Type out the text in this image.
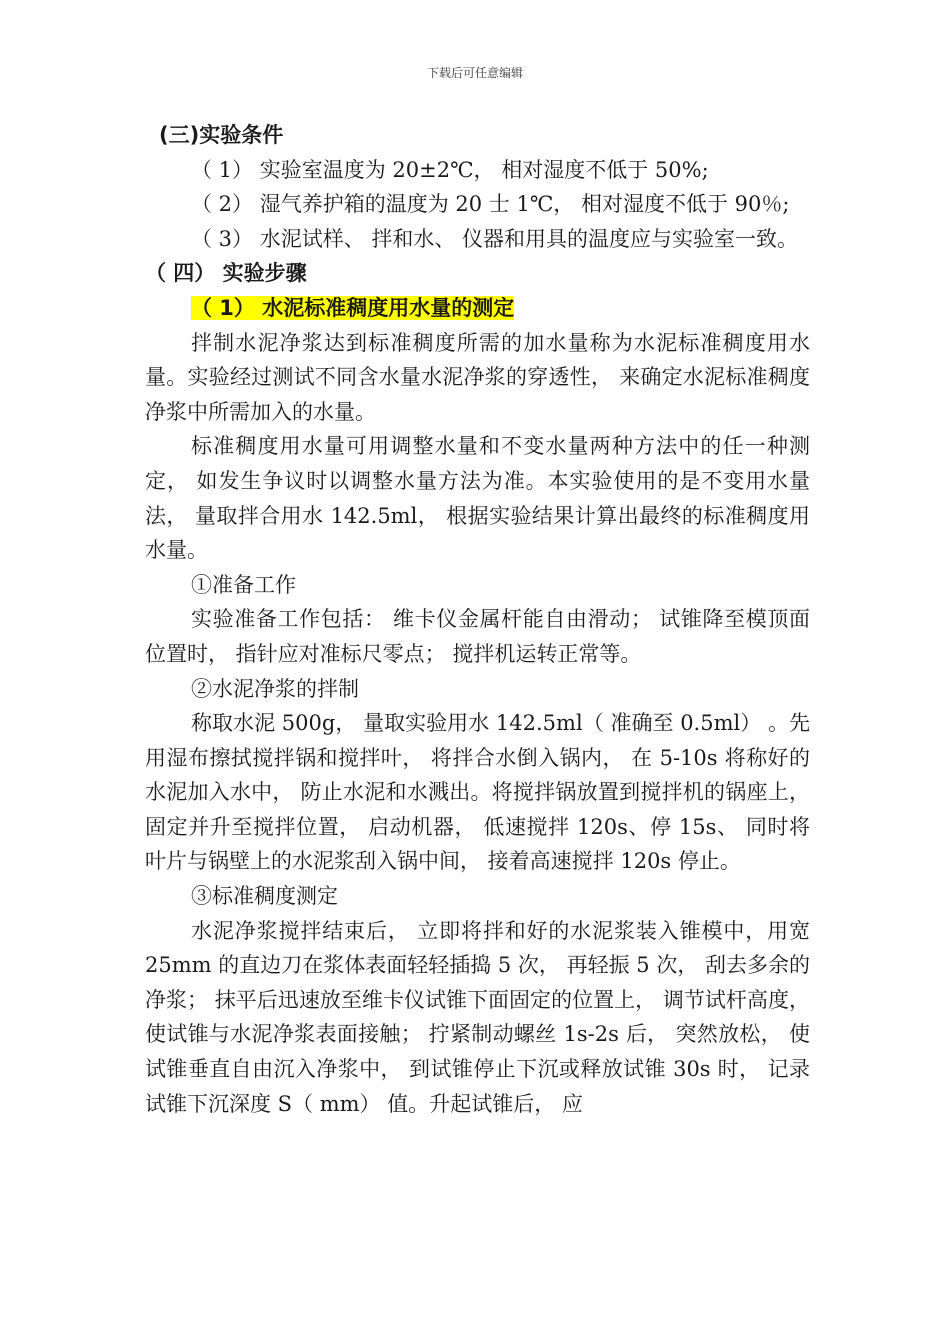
下载后可任意编辑

(三)实验条件

（ 1） 实验室温度为 20±2℃， 相对湿度不低于 50%;

（ 2） 湿气养护箱的温度为 20 士 1℃， 相对湿度不低于 90％;

（ 3） 水泥试样、 拌和水、 仪器和用具的温度应与实验室一致。

（ 四） 实验步骤

（ 1） 水泥标准稠度用水量的测定

拌制水泥净浆达到标准稠度所需的加水量称为水泥标准稠度用水量。实验经过测试不同含水量水泥净浆的穿透性， 来确定水泥标准稠度净浆中所需加入的水量。

标准稠度用水量可用调整水量和不变水量两种方法中的任一种测定， 如发生争议时以调整水量方法为准。本实验使用的是不变用水量法， 量取拌合用水 142.5ml， 根据实验结果计算出最终的标准稠度用水量。

①准备工作

实验准备工作包括： 维卡仪金属杆能自由滑动； 试锥降至模顶面位置时， 指针应对准标尺零点； 搅拌机运转正常等。

②水泥净浆的拌制

称取水泥 500g， 量取实验用水 142.5ml（ 准确至 0.5ml） 。先用湿布擦拭搅拌锅和搅拌叶， 将拌合水倒入锅内， 在 5-10s 将称好的水泥加入水中， 防止水泥和水溅出。将搅拌锅放置到搅拌机的锅座上， 固定并升至搅拌位置， 启动机器， 低速搅拌 120s、停 15s、 同时将叶片与锅壁上的水泥浆刮入锅中间， 接着高速搅拌 120s 停止。

③标准稠度测定

水泥净浆搅拌结束后， 立即将拌和好的水泥浆装入锥模中，用宽 25mm 的直边刀在浆体表面轻轻插捣 5 次， 再轻振 5 次， 刮去多余的净浆； 抹平后迅速放至维卡仪试锥下面固定的位置上， 调节试杆高度， 使试锥与水泥净浆表面接触； 拧紧制动螺丝 1s-2s 后， 突然放松， 使试锥垂直自由沉入净浆中， 到试锥停止下沉或释放试锥 30s 时， 记录试锥下沉深度 S（ mm） 值。升起试锥后， 应
